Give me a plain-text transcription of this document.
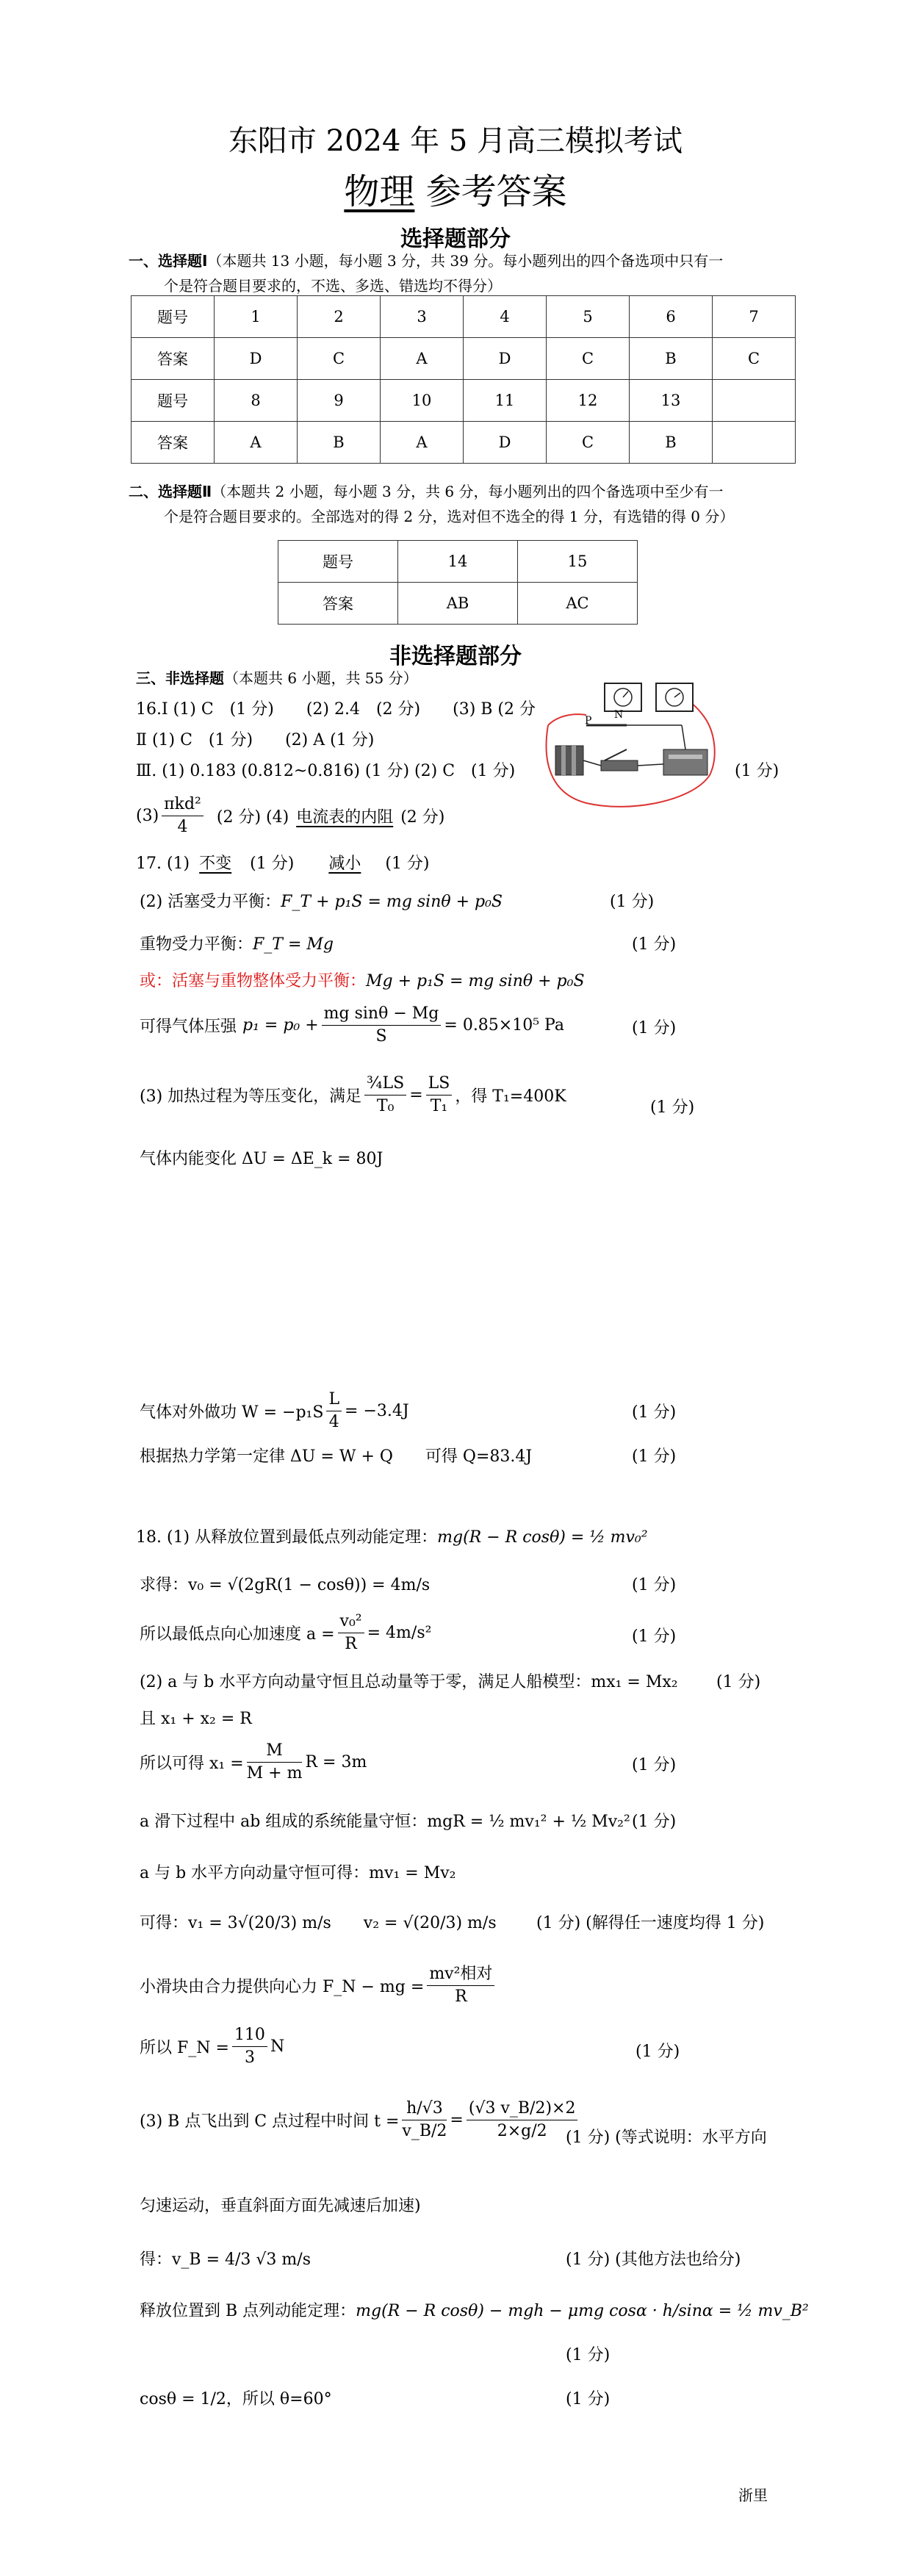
东阳市 2024 年 5 月高三模拟考试
物理 参考答案
选择题部分
一、选择题Ⅰ（本题共 13 小题，每小题 3 分，共 39 分。每小题列出的四个备选项中只有一
个是符合题目要求的，不选、多选、错选均不得分）
题号	1	2	3	4	5	6	7
答案	D	C	A	D	C	B	C
题号	8	9	10	11	12	13	
答案	A	B	A	D	C	B	
二、选择题Ⅱ（本题共 2 小题，每小题 3 分，共 6 分，每小题列出的四个备选项中至少有一
个是符合题目要求的。全部选对的得 2 分，选对但不选全的得 1 分，有选错的得 0 分）
题号	14	15
答案	AB	AC
非选择题部分
三、非选择题（本题共 6 小题，共 55 分）
16.Ⅰ (1) C　(1 分)　　(2) 2.4　(2 分)　　(3) B (2 分
Ⅱ (1) C　(1 分)　　(2) A (1 分)
Ⅲ. (1) 0.183 (0.812~0.816) (1 分) (2) C　(1 分)	(1 分)
P N
$(3) \frac{\text{πkd²}}{4} (2$ 分) (4) 电流表的内阻 (2 分)
17. (1) 不变 (1 分) 减小 (1 分)
(2) 活塞受力平衡：F_T + p₁S = mg sinθ + p₀S	(1 分)
重物受力平衡：F_T = Mg	(1 分)
或：活塞与重物整体受力平衡：Mg + p₁S = mg sinθ + p₀S
可得气体压强 $p_1 = p_0 + \frac{\text{mg sinθ − Mg}}{S} = 0.85\times 10^5$ Pa	(1 分)
(3) 加热过程为等压变化，满足 $\frac{\text{¾LS}}{\text{T₀}} = \frac{LS}{\text{T₁}}$ ，得 T₁=400K
(1 分)
气体内能变化 ΔU = ΔE_k = 80J
气体对外做功 $W = -p_1S \frac{L}{4} = -3.4J$	(1 分)
根据热力学第一定律 ΔU = W + Q　　可得 Q=83.4J	(1 分)
18. (1) 从释放位置到最低点列动能定理：mg(R − R cosθ) = ½ mv₀²
求得：v₀ = √(2gR(1 − cosθ)) = 4m/s	(1 分)
所以最低点向心加速度 $a = \frac{\text{v₀²}}{R} = 4m/s^2$	(1 分)
(2) a 与 b 水平方向动量守恒且总动量等于零，满足人船模型：mx₁ = Mx₂ (1 分)
且 x₁ + x₂ = R
所以可得 $x_1 = \frac{M}{M + m}$ R = 3m	(1 分)
a 滑下过程中 ab 组成的系统能量守恒：mgR = ½ mv₁² + ½ Mv₂² (1 分)
a 与 b 水平方向动量守恒可得：mv₁ = Mv₂
可得：v₁ = 3√(20/3) m/s　　v₂ = √(20/3) m/s (1 分) (解得任一速度均得 1 分)
小滑块由合力提供向心力 F_N − mg = $\frac{\text{mv²相对}}{R}$
所以 F_N = $\frac{110}{3}$ N	(1 分)
(3) B 点飞出到 C 点过程中时间 $t = \frac{h/√3}{v\_B/2} = \frac{(√3 v\_B/2)\times 2}{2\times g/2}$
(1 分) (等式说明：水平方向
匀速运动，垂直斜面方面先减速后加速)
得：v_B = 4/3 √3 m/s	(1 分) (其他方法也给分)
释放位置到 B 点列动能定理：mg(R − R cosθ) − mgh − μmg cosα · h/sinα = ½ mv_B²
(1 分)
cosθ = 1/2，所以 θ=60°	(1 分)
浙里
